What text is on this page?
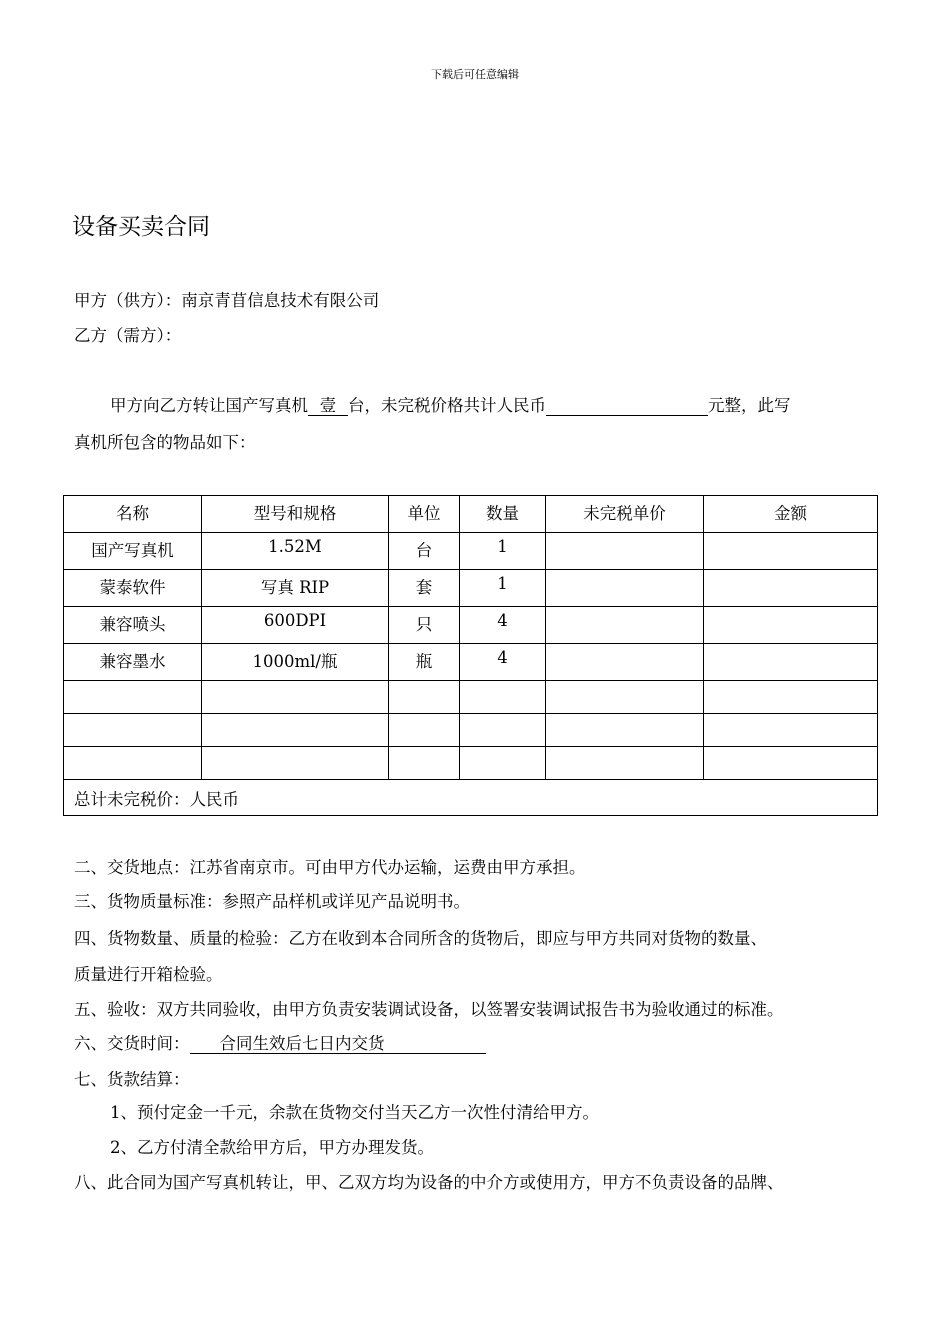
下载后可任意编辑
设备买卖合同
甲方（供方）：南京青苜信息技术有限公司
乙方（需方）：
甲方向乙方转让国产写真机 壹 台，未完税价格共计人民币	元整，此写
真机所包含的物品如下：
名称	型号和规格	单位	数量	未完税单价	金额
国产写真机	1.52M	台	1		
蒙泰软件	写真 RIP	套	1		
兼容喷头	600DPI	只	4		
兼容墨水	1000ml/瓶	瓶	4		

总计未完税价：人民币					
二、交货地点：江苏省南京市。可由甲方代办运输，运费由甲方承担。
三、货物质量标准：参照产品样机或详见产品说明书。
四、货物数量、质量的检验：乙方在收到本合同所含的货物后，即应与甲方共同对货物的数量、
质量进行开箱检验。
五、验收：双方共同验收，由甲方负责安装调试设备，以签署安装调试报告书为验收通过的标准。
六、交货时间： 合同生效后七日内交货
七、货款结算：
1、预付定金一千元，余款在货物交付当天乙方一次性付清给甲方。
2、乙方付清全款给甲方后，甲方办理发货。
八、此合同为国产写真机转让，甲、乙双方均为设备的中介方或使用方，甲方不负责设备的品牌、
